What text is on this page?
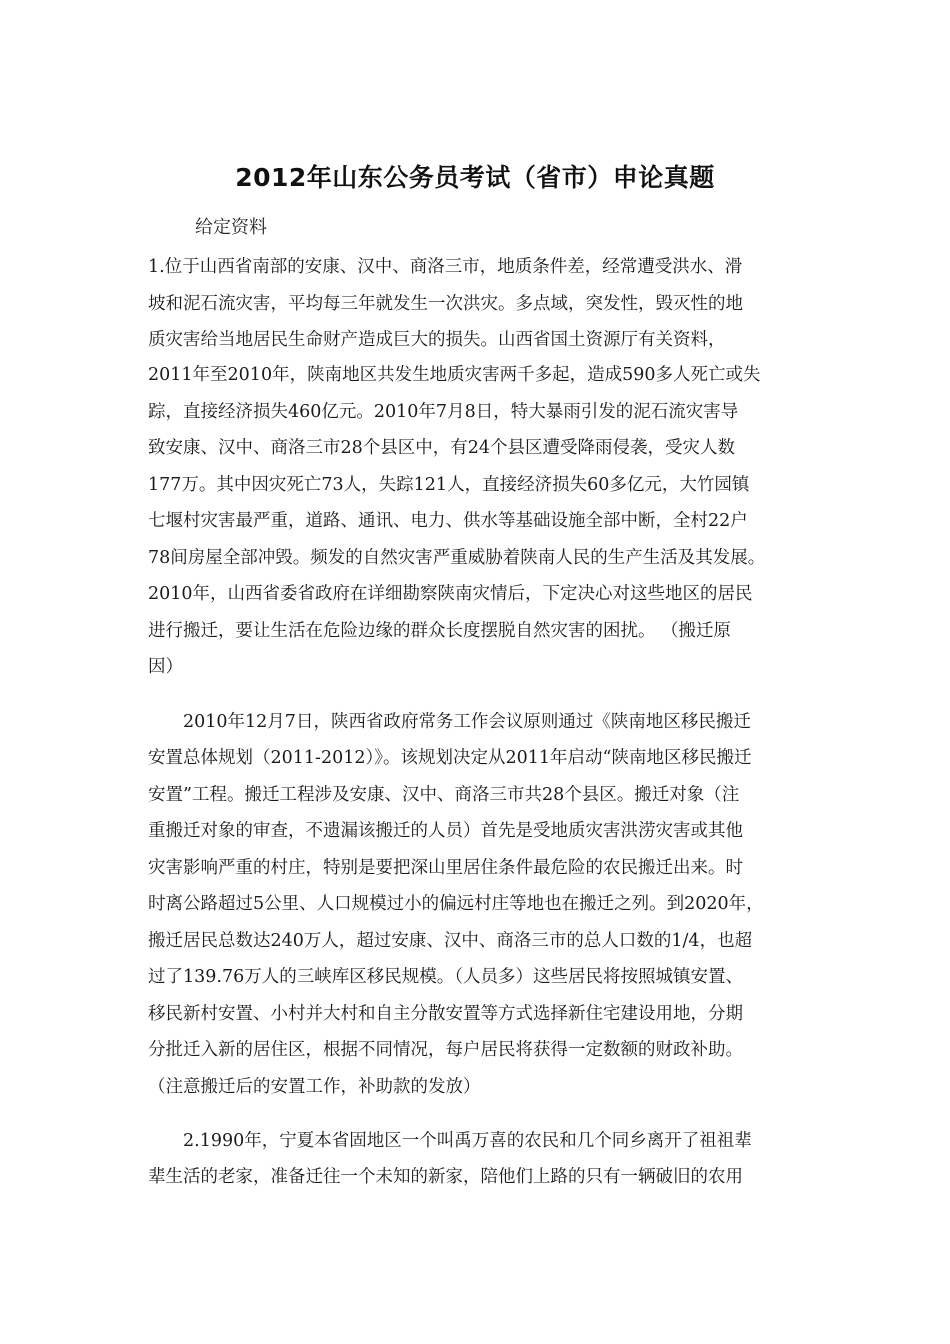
2012年山东公务员考试（省市）申论真题
给定资料
1.位于山西省南部的安康、汉中、商洛三市，地质条件差，经常遭受洪水、滑
坡和泥石流灾害，平均每三年就发生一次洪灾。多点域，突发性，毁灭性的地
质灾害给当地居民生命财产造成巨大的损失。山西省国土资源厅有关资料，
2011年至2010年，陕南地区共发生地质灾害两千多起，造成590多人死亡或失
踪，直接经济损失460亿元。2010年7月8日，特大暴雨引发的泥石流灾害导
致安康、汉中、商洛三市28个县区中，有24个县区遭受降雨侵袭，受灾人数
177万。其中因灾死亡73人，失踪121人，直接经济损失60多亿元，大竹园镇
七堰村灾害最严重，道路、通讯、电力、供水等基础设施全部中断，全村22户
78间房屋全部冲毁。频发的自然灾害严重威胁着陕南人民的生产生活及其发展。
2010年，山西省委省政府在详细勘察陕南灾情后，下定决心对这些地区的居民
进行搬迁，要让生活在危险边缘的群众长度摆脱自然灾害的困扰。 （搬迁原
因）
2010年12月7日，陕西省政府常务工作会议原则通过《陕南地区移民搬迁
安置总体规划（2011-2012）》。该规划决定从2011年启动“陕南地区移民搬迁
安置”工程。搬迁工程涉及安康、汉中、商洛三市共28个县区。搬迁对象（注
重搬迁对象的审查，不遗漏该搬迁的人员）首先是受地质灾害洪涝灾害或其他
灾害影响严重的村庄，特别是要把深山里居住条件最危险的农民搬迁出来。时
时离公路超过5公里、人口规模过小的偏远村庄等地也在搬迁之列。到2020年，
搬迁居民总数达240万人，超过安康、汉中、商洛三市的总人口数的1/4，也超
过了139.76万人的三峡库区移民规模。（人员多）这些居民将按照城镇安置、
移民新村安置、小村并大村和自主分散安置等方式选择新住宅建设用地，分期
分批迁入新的居住区，根据不同情况，每户居民将获得一定数额的财政补助。
（注意搬迁后的安置工作，补助款的发放）
2.1990年，宁夏本省固地区一个叫禹万喜的农民和几个同乡离开了祖祖辈
辈生活的老家，准备迁往一个未知的新家，陪他们上路的只有一辆破旧的农用
